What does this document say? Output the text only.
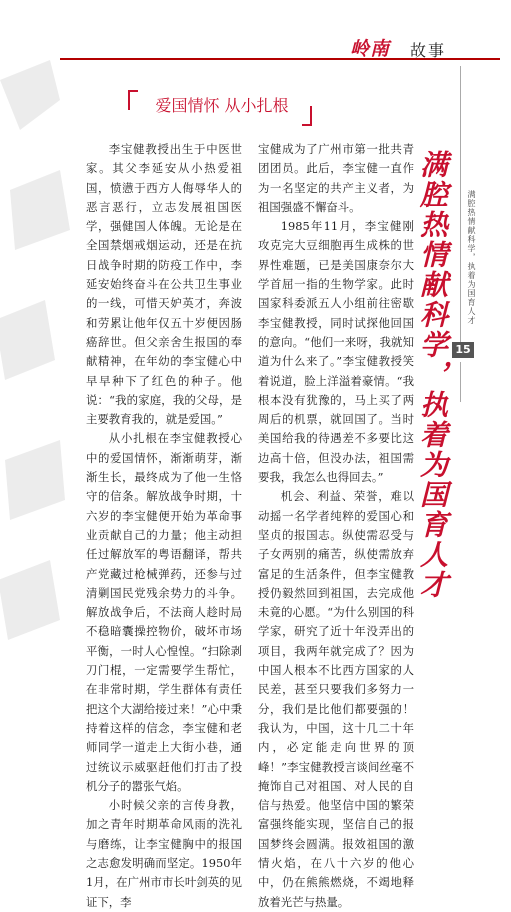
岭南 故事
爱国情怀 从小扎根

李宝健教授出生于中医世家。其父李延安从小热爱祖国，愤懑于西方人侮辱华人的恶言恶行，立志发展祖国医学，强健国人体魄。无论是在全国禁烟戒烟运动，还是在抗日战争时期的防疫工作中，李延安始终奋斗在公共卫生事业的一线，可惜天妒英才，奔波和劳累让他年仅五十岁便因肠癌辞世。但父亲舍生报国的奉献精神，在年幼的李宝健心中早早种下了红色的种子。他说：“我的家庭，我的父母，是主要教育我的，就是爱国。”

从小扎根在李宝健教授心中的爱国情怀，渐渐萌芽，渐渐生长，最终成为了他一生恪守的信条。解放战争时期，十六岁的李宝健便开始为革命事业贡献自己的力量；他主动担任过解放军的粤语翻译，帮共产党藏过枪械弹药，还参与过清剿国民党残余势力的斗争。解放战争后，不法商人趁时局不稳暗囊操控物价，破坏市场平衡，一时人心惶惶。“扫除剥刀门棍，一定需要学生帮忙，在非常时期，学生群体有责任把这个大湖给接过来！”心中秉持着这样的信念，李宝健和老师同学一道走上大街小巷，通过统议示威驱赶他们打击了投机分子的嚣张气焰。

小时候父亲的言传身教，加之青年时期革命风雨的洗礼与磨练，让李宝健胸中的报国之志愈发明确而坚定。1950年1月，在广州市市长叶剑英的见证下，李

宝健成为了广州市第一批共青团团员。此后，李宝健一直作为一名坚定的共产主义者，为祖国强盛不懈奋斗。

1985年11月，李宝健刚攻克完大豆细胞再生成株的世界性难题，已是美国康奈尔大学首屈一指的生物学家。此时国家科委派五人小组前往密歇李宝健教授，同时试探他回国的意向。“他们一来呀，我就知道为什么来了。”李宝健教授笑着说道，脸上洋溢着豪情。“我根本没有犹豫的，马上买了两周后的机票，就回国了。当时美国给我的待遇差不多要比这边高十倍，但没办法，祖国需要我，我怎么也得回去。”

机会、利益、荣誉，难以动摇一名学者纯粹的爱国心和坚贞的报国志。纵使需忍受与子女两别的痛苦，纵使需放弃富足的生活条件，但李宝健教授仍毅然回到祖国，去完成他未竟的心愿。“为什么别国的科学家，研究了近十年没弄出的项目，我两年就完成了？因为中国人根本不比西方国家的人民差，甚至只要我们多努力一分，我们是比他们都要强的！我认为，中国，这十几二十年内，必定能走向世界的顶峰！”李宝健教授言谈间丝毫不掩饰自己对祖国、对人民的自信与热爱。他坚信中国的繁荣富强终能实现，坚信自己的报国梦终会圆满。报效祖国的激情火焰，在八十六岁的他心中，仍在熊熊燃烧，不竭地释放着光芒与热量。

满腔热情献科学，执着为国育人才 满腔热情献科学，执着为国育人才
15
